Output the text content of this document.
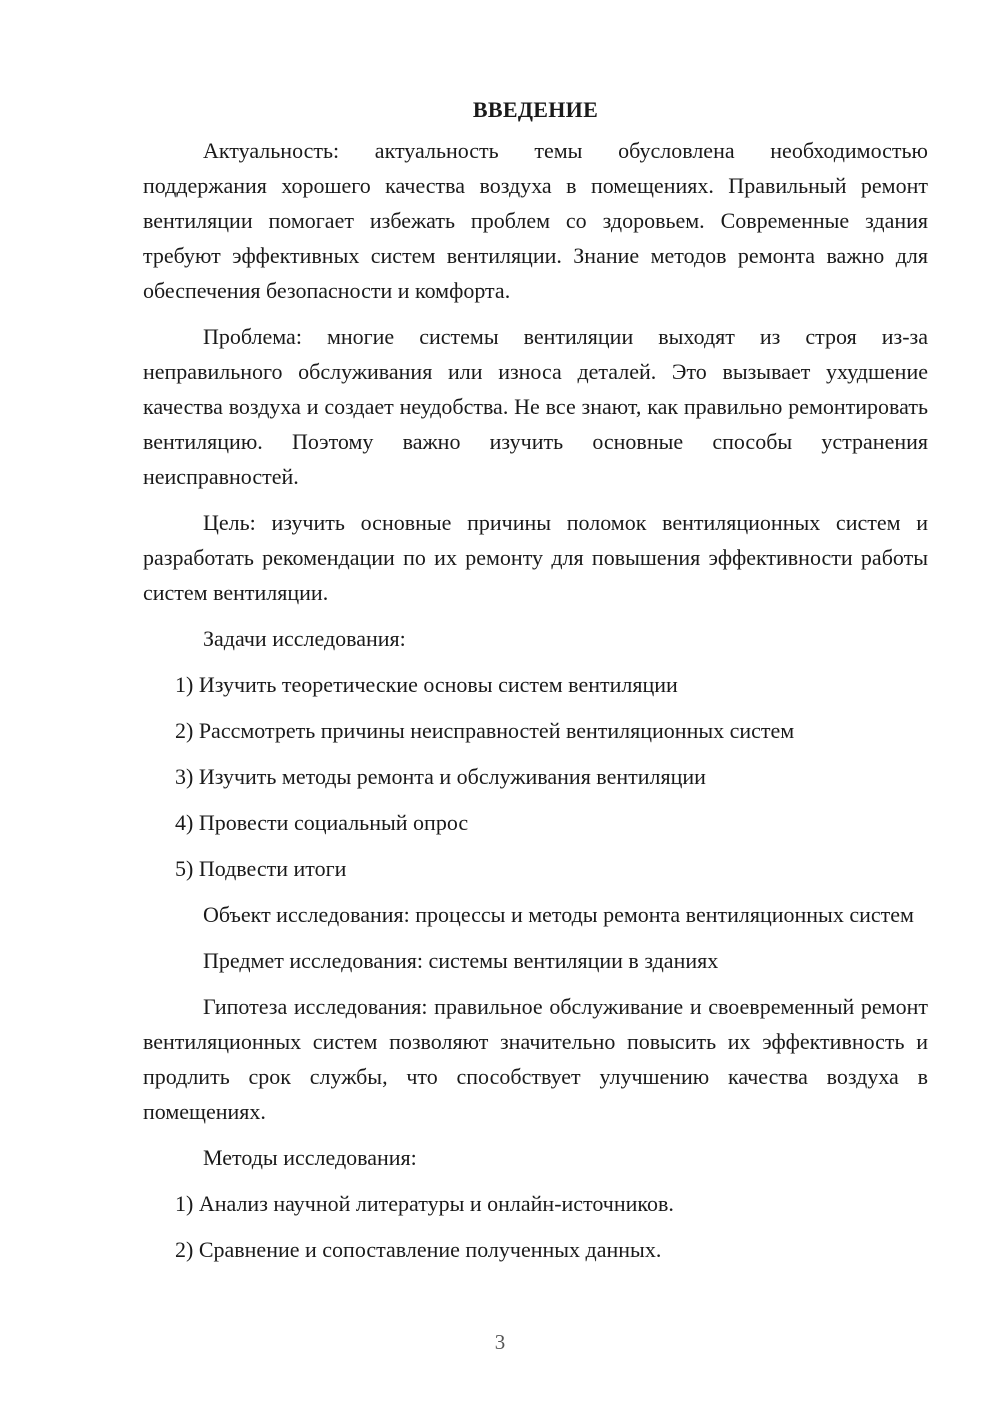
ВВЕДЕНИЕ

Актуальность: актуальность темы обусловлена необходимостью поддержания хорошего качества воздуха в помещениях. Правильный ремонт вентиляции помогает избежать проблем со здоровьем. Современные здания требуют эффективных систем вентиляции. Знание методов ремонта важно для обеспечения безопасности и комфорта.

Проблема: многие системы вентиляции выходят из строя из-за неправильного обслуживания или износа деталей. Это вызывает ухудшение качества воздуха и создает неудобства. Не все знают, как правильно ремонтировать вентиляцию. Поэтому важно изучить основные способы устранения неисправностей.

Цель: изучить основные причины поломок вентиляционных систем и разработать рекомендации по их ремонту для повышения эффективности работы систем вентиляции.

Задачи исследования:

1) Изучить теоретические основы систем вентиляции

2) Рассмотреть причины неисправностей вентиляционных систем

3) Изучить методы ремонта и обслуживания вентиляции

4) Провести социальный опрос

5) Подвести итоги

Объект исследования: процессы и методы ремонта вентиляционных систем

Предмет исследования: системы вентиляции в зданиях

Гипотеза исследования: правильное обслуживание и своевременный ремонт вентиляционных систем позволяют значительно повысить их эффективность и продлить срок службы, что способствует улучшению качества воздуха в помещениях.

Методы исследования:

1) Анализ научной литературы и онлайн-источников.

2) Сравнение и сопоставление полученных данных.

3
